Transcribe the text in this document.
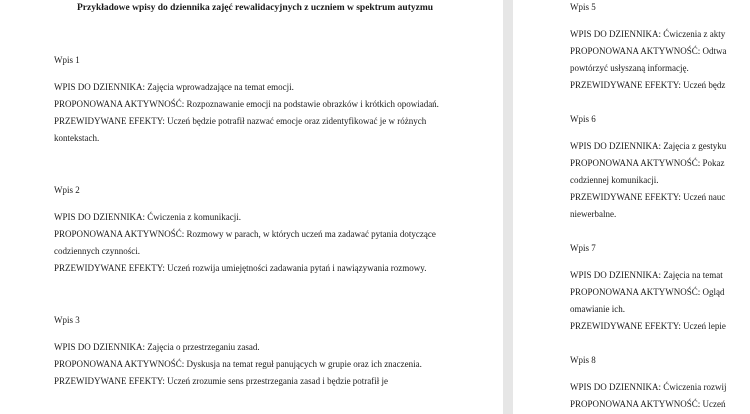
Przykładowe wpisy do dziennika zajęć rewalidacyjnych z uczniem w spektrum autyzmu

Wpis 1

WPIS DO DZIENNIKA: Zajęcia wprowadzające na temat emocji.

PROPONOWANA AKTYWNOŚĆ: Rozpoznawanie emocji na podstawie obrazków i krótkich opowiadań.

PRZEWIDYWANE EFEKTY: Uczeń będzie potrafił nazwać emocje oraz zidentyfikować je w różnych kontekstach.

Wpis 2

WPIS DO DZIENNIKA: Ćwiczenia z komunikacji.

PROPONOWANA AKTYWNOŚĆ: Rozmowy w parach, w których uczeń ma zadawać pytania dotyczące codziennych czynności.

PRZEWIDYWANE EFEKTY: Uczeń rozwija umiejętności zadawania pytań i nawiązywania rozmowy.

Wpis 3

WPIS DO DZIENNIKA: Zajęcia o przestrzeganiu zasad.

PROPONOWANA AKTYWNOŚĆ: Dyskusja na temat reguł panujących w grupie oraz ich znaczenia.

PRZEWIDYWANE EFEKTY: Uczeń zrozumie sens przestrzegania zasad i będzie potrafił je

Wpis 5

WPIS DO DZIENNIKA: Ćwiczenia z akty

PROPONOWANA AKTYWNOŚĆ: Odtwa

powtórzyć usłyszaną informację.

PRZEWIDYWANE EFEKTY: Uczeń będz

Wpis 6

WPIS DO DZIENNIKA: Zajęcia z gestyku

PROPONOWANA AKTYWNOŚĆ: Pokaz

codziennej komunikacji.

PRZEWIDYWANE EFEKTY: Uczeń nauc

niewerbalne.

Wpis 7

WPIS DO DZIENNIKA: Zajęcia na temat

PROPONOWANA AKTYWNOŚĆ: Ogląd

omawianie ich.

PRZEWIDYWANE EFEKTY: Uczeń lepie

Wpis 8

WPIS DO DZIENNIKA: Ćwiczenia rozwij

PROPONOWANA AKTYWNOŚĆ: Uczeń
